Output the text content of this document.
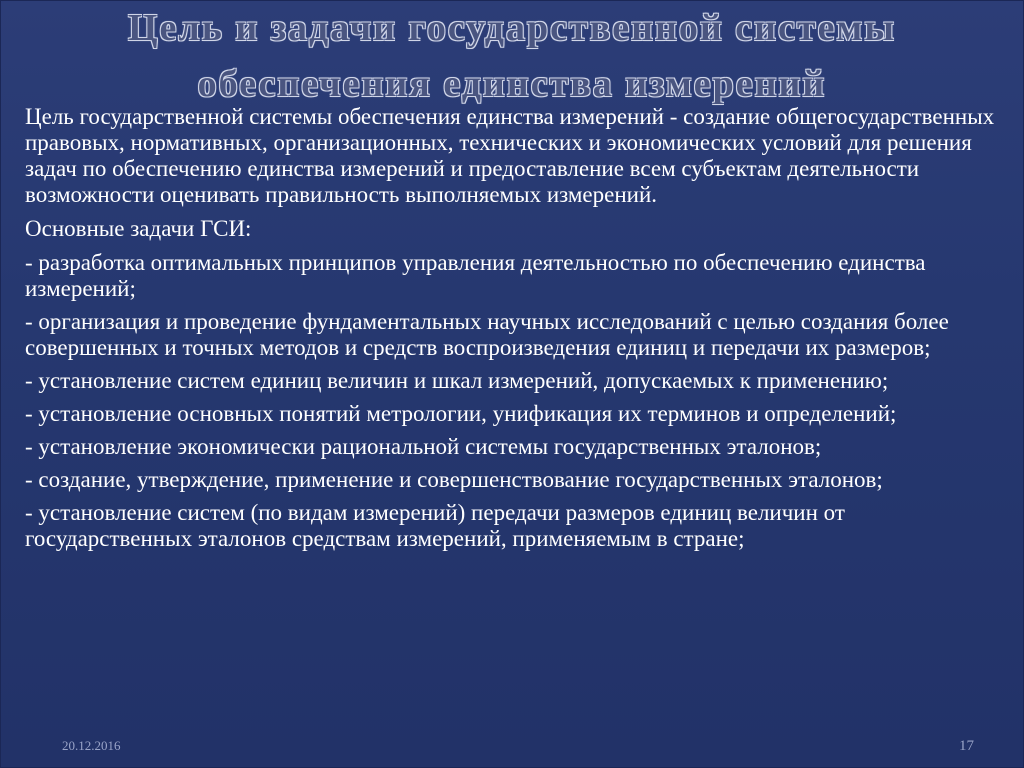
Цель и задачи государственной системы
обеспечения единства измерений

Цель государственной системы обеспечения единства измерений - создание общегосударственных правовых, нормативных, организационных, технических и экономических условий для решения задач по обеспечению единства измерений и предоставление всем субъектам деятельности возможности оценивать правильность выполняемых измерений.

Основные задачи ГСИ:

- разработка оптимальных принципов управления деятельностью по обеспечению единства измерений;

- организация и проведение фундаментальных научных исследований с целью создания более совершенных и точных методов и средств воспроизведения единиц и передачи их размеров;

- установление систем единиц величин и шкал измерений, допускаемых к применению;

- установление основных понятий метрологии, унификация их терминов и определений;

- установление экономически рациональной системы государственных эталонов;

- создание, утверждение, применение и совершенствование государственных эталонов;

- установление систем (по видам измерений) передачи размеров единиц величин от государственных эталонов средствам измерений, применяемым в стране;

20.12.2016	17
